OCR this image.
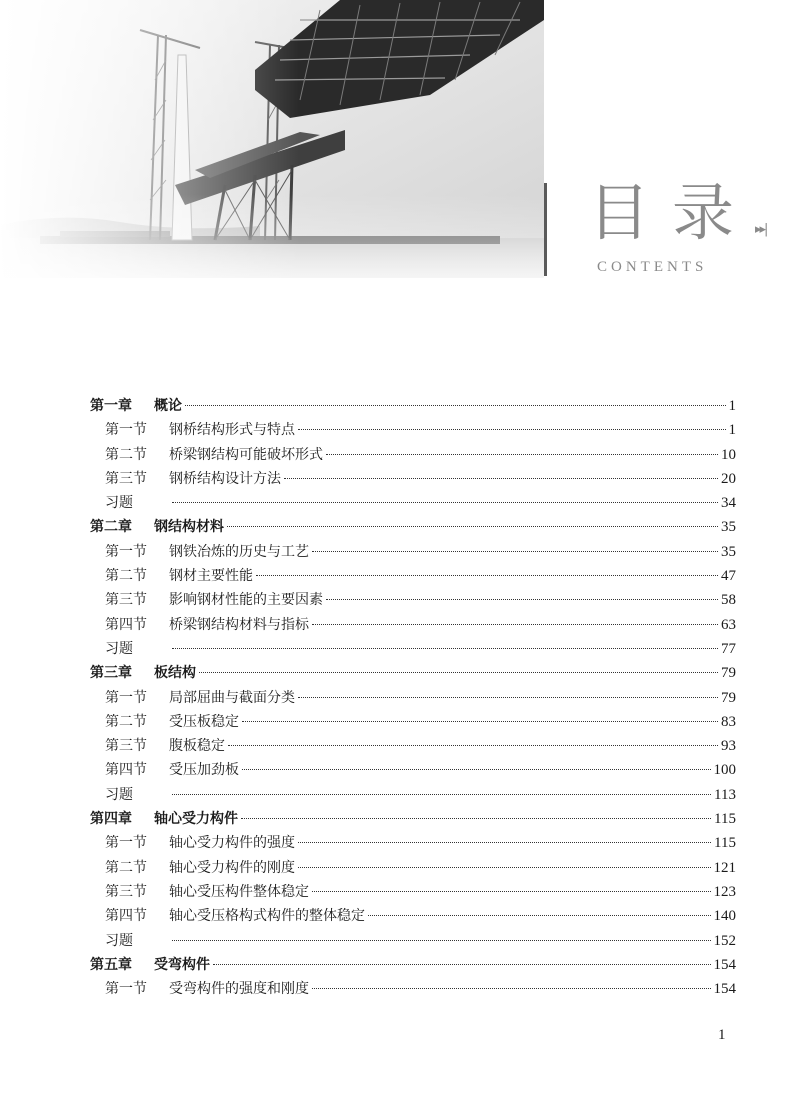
目录
▸▸|
CONTENTS
第一章 概论	1
第一节 钢桥结构形式与特点	1
第二节 桥梁钢结构可能破坏形式	10
第三节 钢桥结构设计方法	20
习题	34
第二章 钢结构材料	35
第一节 钢铁冶炼的历史与工艺	35
第二节 钢材主要性能	47
第三节 影响钢材性能的主要因素	58
第四节 桥梁钢结构材料与指标	63
习题	77
第三章 板结构	79
第一节 局部屈曲与截面分类	79
第二节 受压板稳定	83
第三节 腹板稳定	93
第四节 受压加劲板	100
习题	113
第四章 轴心受力构件	115
第一节 轴心受力构件的强度	115
第二节 轴心受力构件的刚度	121
第三节 轴心受压构件整体稳定	123
第四节 轴心受压格构式构件的整体稳定	140
习题	152
第五章 受弯构件	154
第一节 受弯构件的强度和刚度	154
1
